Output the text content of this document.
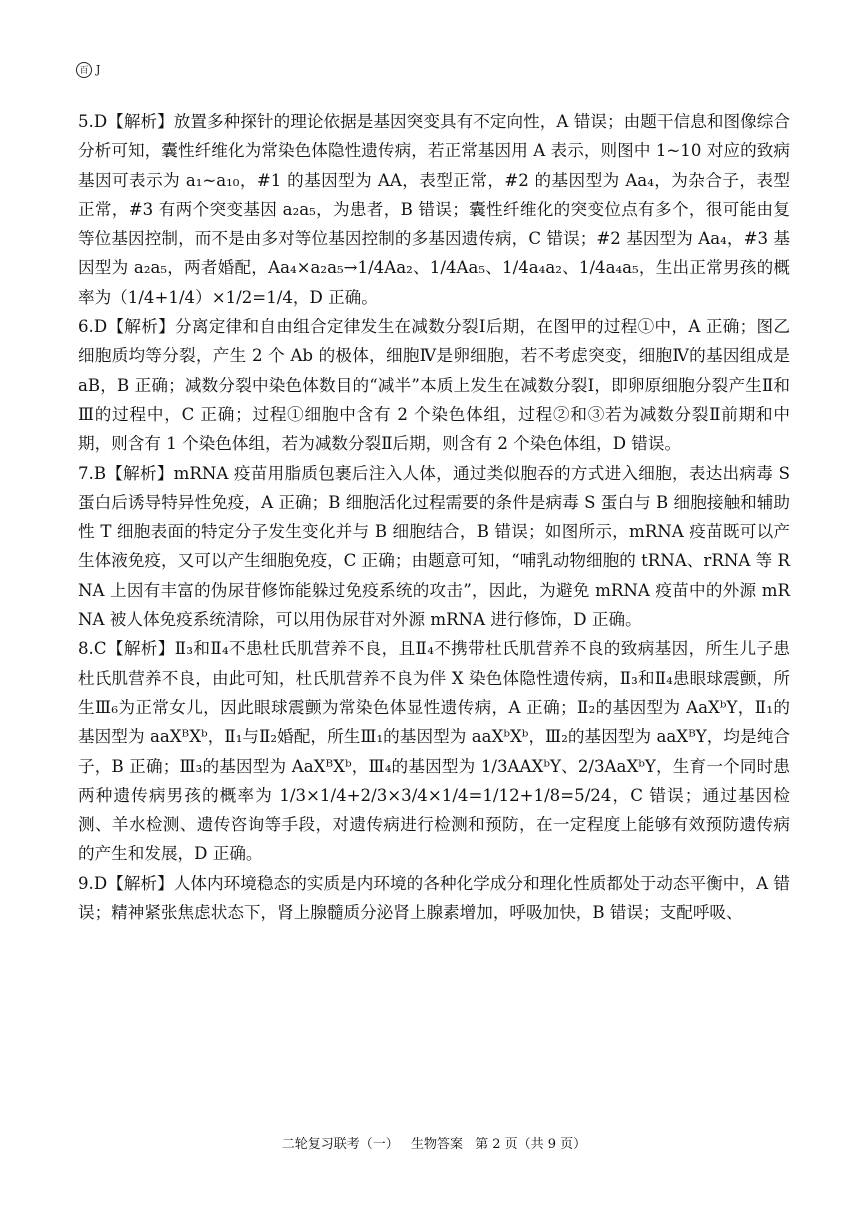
百 J

5.D【解析】放置多种探针的理论依据是基因突变具有不定向性，A 错误；由题干信息和图像综合分析可知，囊性纤维化为常染色体隐性遗传病，若正常基因用 A 表示，则图中 1~10 对应的致病基因可表示为 a₁~a₁₀，#1 的基因型为 AA，表型正常，#2 的基因型为 Aa₄，为杂合子，表型正常，#3 有两个突变基因 a₂a₅，为患者，B 错误；囊性纤维化的突变位点有多个，很可能由复等位基因控制，而不是由多对等位基因控制的多基因遗传病，C 错误；#2 基因型为 Aa₄，#3 基因型为 a₂a₅，两者婚配，Aa₄×a₂a₅→1/4Aa₂、1/4Aa₅、1/4a₄a₂、1/4a₄a₅，生出正常男孩的概率为（1/4+1/4）×1/2=1/4，D 正确。

6.D【解析】分离定律和自由组合定律发生在减数分裂Ⅰ后期，在图甲的过程①中，A 正确；图乙细胞质均等分裂，产生 2 个 Ab 的极体，细胞Ⅳ是卵细胞，若不考虑突变，细胞Ⅳ的基因组成是 aB，B 正确；减数分裂中染色体数目的“减半”本质上发生在减数分裂Ⅰ，即卵原细胞分裂产生Ⅱ和Ⅲ的过程中，C 正确；过程①细胞中含有 2 个染色体组，过程②和③若为减数分裂Ⅱ前期和中期，则含有 1 个染色体组，若为减数分裂Ⅱ后期，则含有 2 个染色体组，D 错误。

7.B【解析】mRNA 疫苗用脂质包裹后注入人体，通过类似胞吞的方式进入细胞，表达出病毒 S 蛋白后诱导特异性免疫，A 正确；B 细胞活化过程需要的条件是病毒 S 蛋白与 B 细胞接触和辅助性 T 细胞表面的特定分子发生变化并与 B 细胞结合，B 错误；如图所示，mRNA 疫苗既可以产生体液免疫，又可以产生细胞免疫，C 正确；由题意可知，“哺乳动物细胞的 tRNA、rRNA 等 RNA 上因有丰富的伪尿苷修饰能躲过免疫系统的攻击”，因此，为避免 mRNA 疫苗中的外源 mRNA 被人体免疫系统清除，可以用伪尿苷对外源 mRNA 进行修饰，D 正确。

8.C【解析】Ⅱ₃和Ⅱ₄不患杜氏肌营养不良，且Ⅱ₄不携带杜氏肌营养不良的致病基因，所生儿子患杜氏肌营养不良，由此可知，杜氏肌营养不良为伴 X 染色体隐性遗传病，Ⅱ₃和Ⅱ₄患眼球震颤，所生Ⅲ₆为正常女儿，因此眼球震颤为常染色体显性遗传病，A 正确；Ⅱ₂的基因型为 AaXᵇY，Ⅱ₁的基因型为 aaXᴮXᵇ，Ⅱ₁与Ⅱ₂婚配，所生Ⅲ₁的基因型为 aaXᵇXᵇ，Ⅲ₂的基因型为 aaXᴮY，均是纯合子，B 正确；Ⅲ₃的基因型为 AaXᴮXᵇ，Ⅲ₄的基因型为 1/3AAXᵇY、2/3AaXᵇY，生育一个同时患两种遗传病男孩的概率为 1/3×1/4+2/3×3/4×1/4=1/12+1/8=5/24，C 错误；通过基因检测、羊水检测、遗传咨询等手段，对遗传病进行检测和预防，在一定程度上能够有效预防遗传病的产生和发展，D 正确。

9.D【解析】人体内环境稳态的实质是内环境的各种化学成分和理化性质都处于动态平衡中，A 错误；精神紧张焦虑状态下，肾上腺髓质分泌肾上腺素增加，呼吸加快，B 错误；支配呼吸、

二轮复习联考（一） 生物答案 第 2 页（共 9 页）
